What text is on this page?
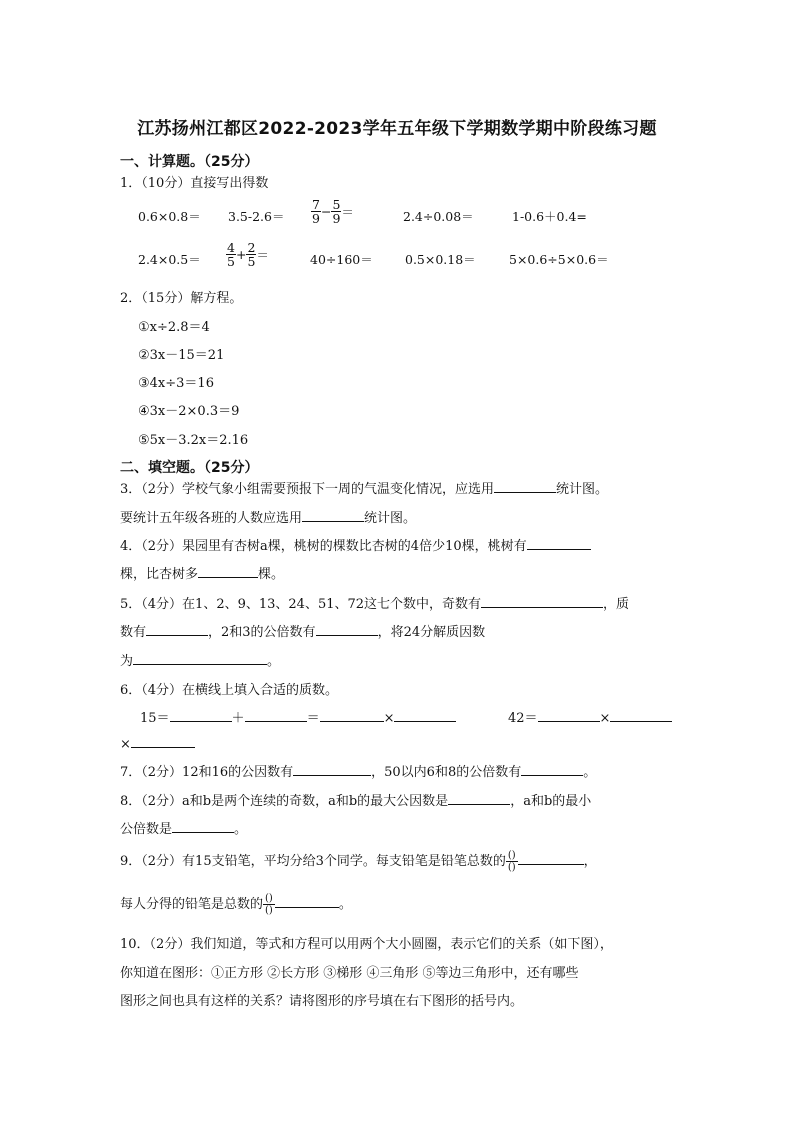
江苏扬州江都区2022-2023学年五年级下学期数学期中阶段练习题
一、计算题。（25分）
1．（10分）直接写出得数
$0.6\times 0.8= 3.5-2.6= \frac{7}{9} - \frac{5}{9}$ ＝	2.4÷0.08＝	1-0.6＋0.4=
$2.4\times 0.5= \frac{4}{5} + \frac{2}{5}$ ＝	40÷160＝	0.5×0.18＝	5×0.6÷5×0.6＝
2．（15分）解方程。
①x÷2.8＝4
②3x－15＝21
③4x÷3＝16
④3x－2×0.3＝9
⑤5x－3.2x＝2.16
二、填空题。（25分）
3．（2分）学校气象小组需要预报下一周的气温变化情况，应选用	统计图。
要统计五年级各班的人数应选用	统计图。
4．（2分）果园里有杏树a棵，桃树的棵数比杏树的4倍少10棵，桃树有
棵，比杏树多	棵。
5．（4分）在1、2、9、13、24、51、72这七个数中，奇数有	，质
数有	，2和3的公倍数有	，将24分解质因数
为	。
6．（4分）在横线上填入合适的质数。
15＝	＋	＝	×	42＝	×
×
7．（2分）12和16的公因数有	，50以内6和8的公倍数有	。
8．（2分）a和b是两个连续的奇数，a和b的最大公因数是	，a和b的最小
公倍数是	。
9．（2分）有15支铅笔，平均分给3个同学。每支铅笔是铅笔总数的 ()
()	，
每人分得的铅笔是总数的 ()
()	。
10．（2分）我们知道，等式和方程可以用两个大小圆圈，表示它们的关系（如下图），
你知道在图形：①正方形 ②长方形 ③梯形 ④三角形 ⑤等边三角形中，还有哪些
图形之间也具有这样的关系？请将图形的序号填在右下图形的括号内。
